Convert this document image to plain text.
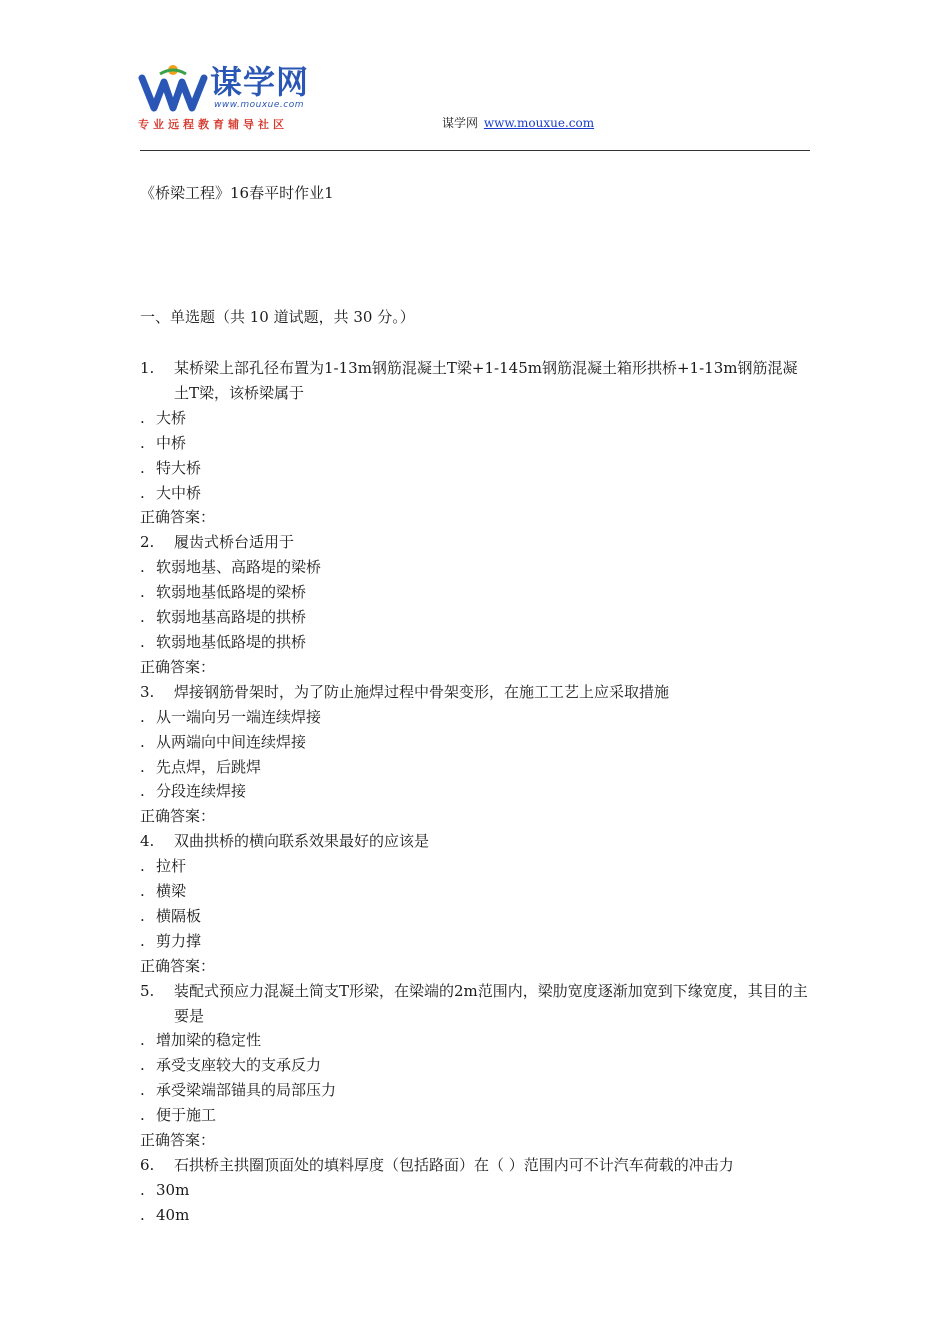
谋学网
www.mouxue.com
专业远程教育辅导社区	谋学网 www.mouxue.com
《桥梁工程》16春平时作业1
一、单选题（共 10 道试题，共 30 分。）
1.	某桥梁上部孔径布置为1-13m钢筋混凝土T梁+1-145m钢筋混凝土箱形拱桥+1-13m钢筋混凝土T梁，该桥梁属于
. 大桥
. 中桥
. 特大桥
. 大中桥
正确答案：
2.	履齿式桥台适用于
. 软弱地基、高路堤的梁桥
. 软弱地基低路堤的梁桥
. 软弱地基高路堤的拱桥
. 软弱地基低路堤的拱桥
正确答案：
3.	焊接钢筋骨架时，为了防止施焊过程中骨架变形，在施工工艺上应采取措施
. 从一端向另一端连续焊接
. 从两端向中间连续焊接
. 先点焊，后跳焊
. 分段连续焊接
正确答案：
4.	双曲拱桥的横向联系效果最好的应该是
. 拉杆
. 横梁
. 横隔板
. 剪力撑
正确答案：
5.	装配式预应力混凝土简支T形梁，在梁端的2m范围内，梁肋宽度逐渐加宽到下缘宽度，其目的主要是
. 增加梁的稳定性
. 承受支座较大的支承反力
. 承受梁端部锚具的局部压力
. 便于施工
正确答案：
6.	石拱桥主拱圈顶面处的填料厚度（包括路面）在（ ）范围内可不计汽车荷载的冲击力
. 30m
. 40m
